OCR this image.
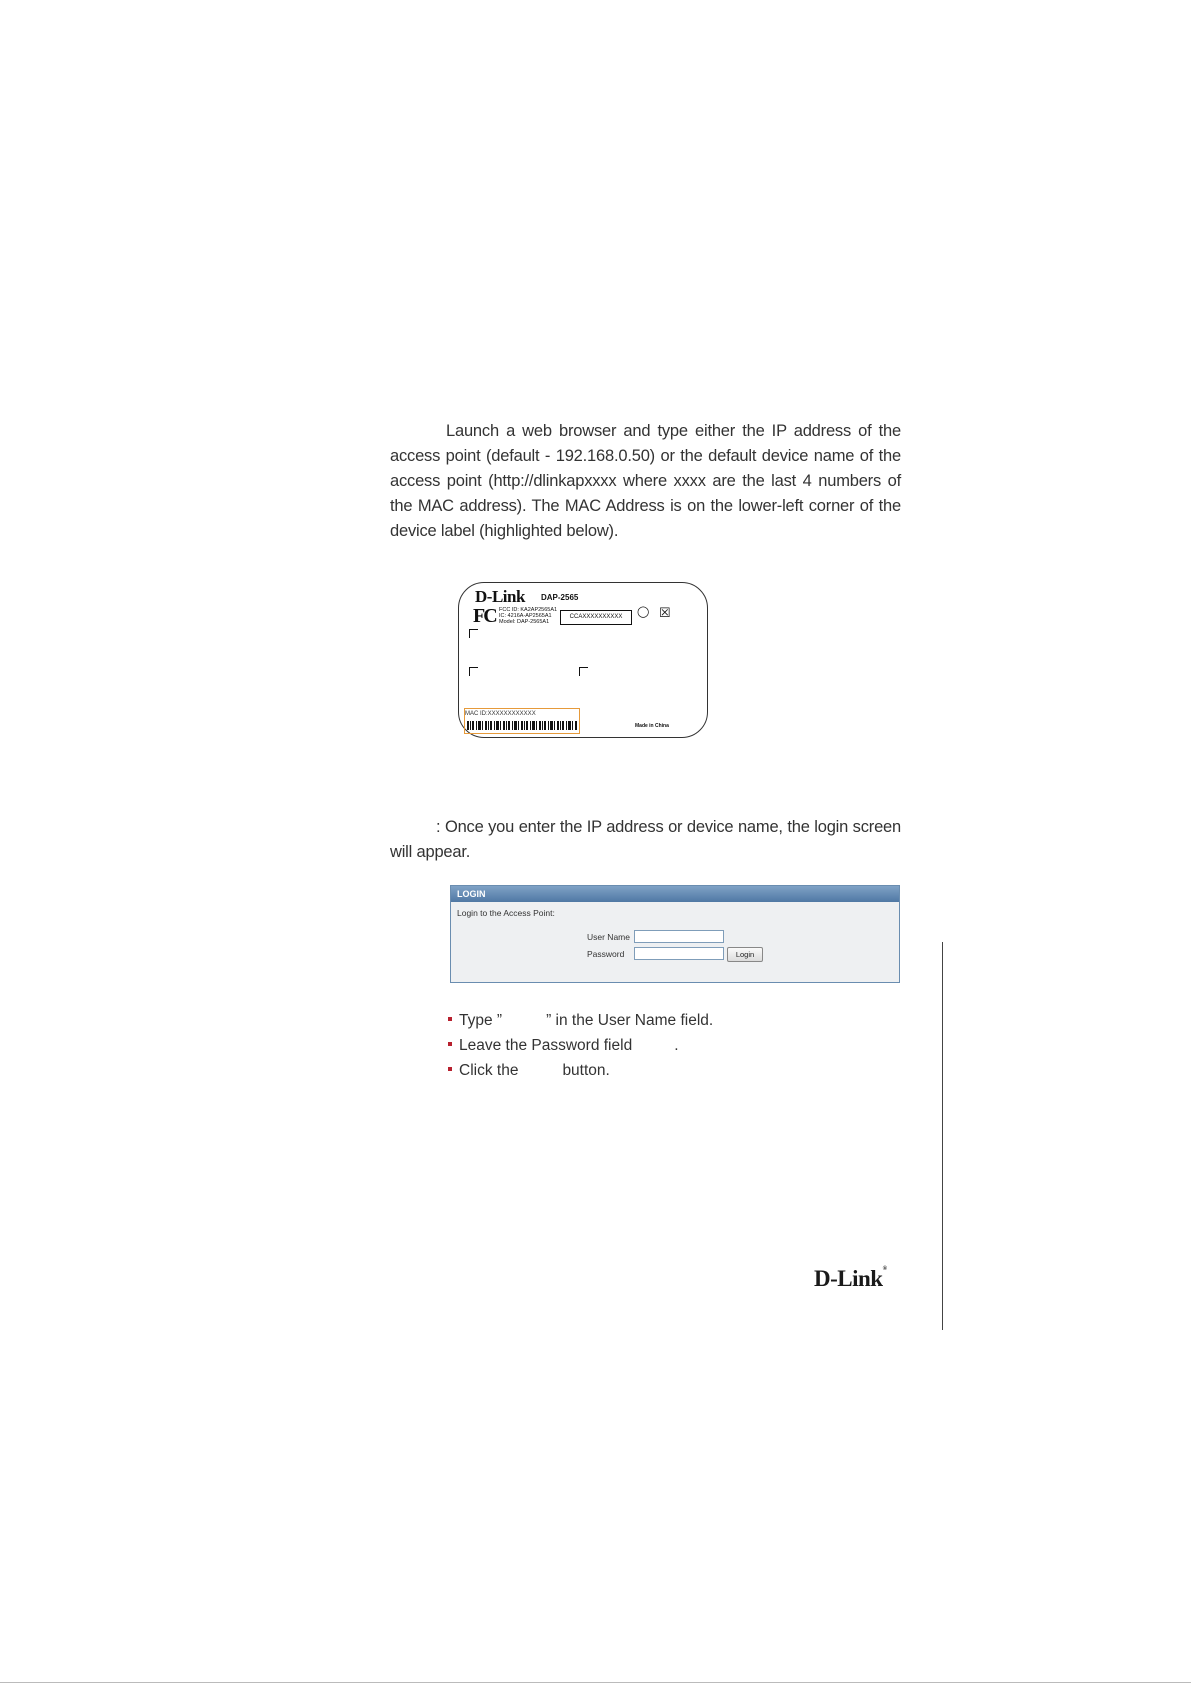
Launch a web browser and type either the IP address of the access point (default - 192.168.0.50) or the default device name of the access point (http://dlinkapxxxx where xxxx are the last 4 numbers of the MAC address). The MAC Address is on the lower-left corner of the device label (highlighted below).
D-Link DAP-2565
FC FCC ID: KA2AP2565A1
IC: 4216A-AP2565A1
Model: DAP-2565A1
CCAXXXXXXXXXX	◯ ☒
MAC ID:XXXXXXXXXXXX
Made in China
: Once you enter the IP address or device name, the login screen will appear.
LOGIN
Login to the Access Point:
User Name
Password	Login
Type ”	” in the User Name field.
Leave the Password field	.
Click the	button.
D-Link®
